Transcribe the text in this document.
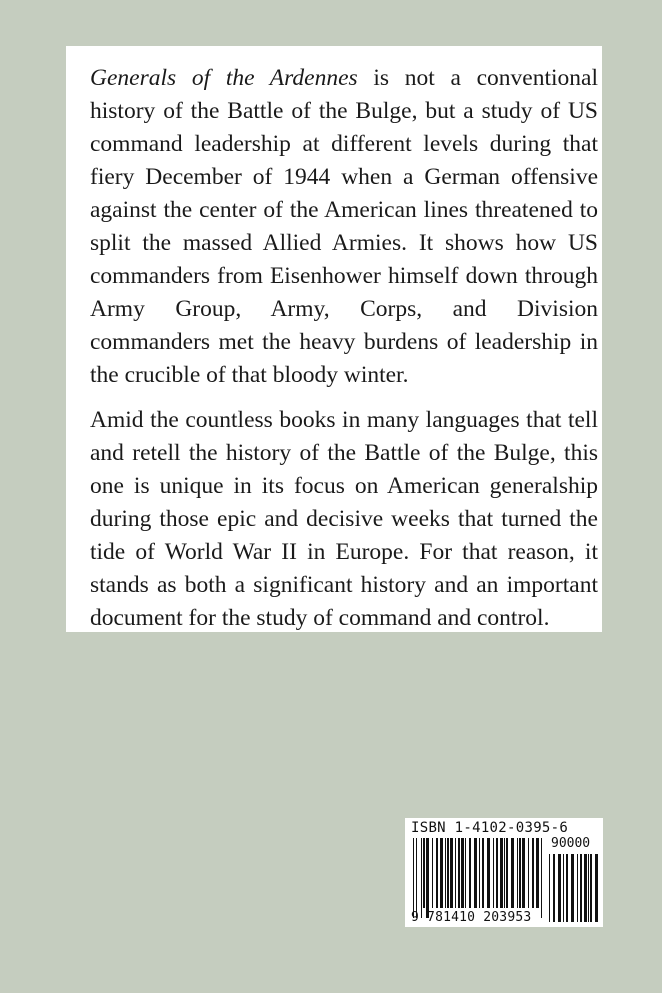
Generals of the Ardennes is not a conventional history of the Battle of the Bulge, but a study of US command leadership at different levels during that fiery December of 1944 when a German offensive against the center of the American lines threatened to split the massed Allied Armies. It shows how US commanders from Eisenhower himself down through Army Group, Army, Corps, and Division commanders met the heavy burdens of leadership in the crucible of that bloody winter.

Amid the countless books in many languages that tell and retell the history of the Battle of the Bulge, this one is unique in its focus on American generalship during those epic and decisive weeks that turned the tide of World War II in Europe. For that reason, it stands as both a significant history and an important document for the study of command and control.

ISBN 1-4102-0395-6
90000
9 781410 203953
